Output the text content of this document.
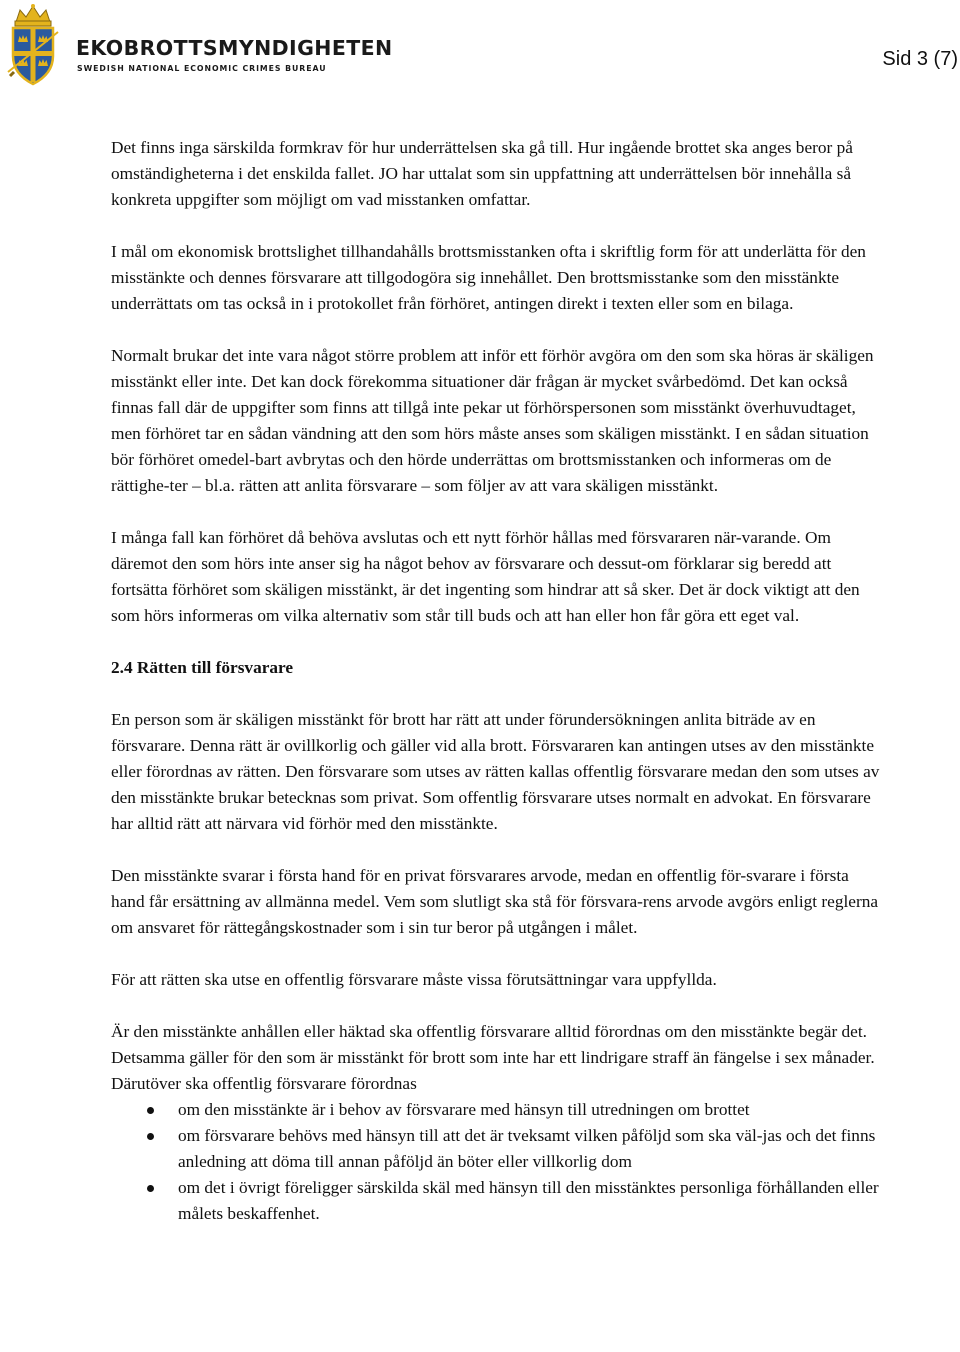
EKOBROTTSMYNDIGHETEN
SWEDISH NATIONAL ECONOMIC CRIMES BUREAU	Sid 3 (7)

Det finns inga särskilda formkrav för hur underrättelsen ska gå till. Hur ingående brottet ska anges beror på omständigheterna i det enskilda fallet. JO har uttalat som sin uppfattning att underrättelsen bör innehålla så konkreta uppgifter som möjligt om vad misstanken omfattar.

I mål om ekonomisk brottslighet tillhandahålls brottsmisstanken ofta i skriftlig form för att underlätta för den misstänkte och dennes försvarare att tillgodogöra sig innehållet. Den brottsmisstanke som den misstänkte underrättats om tas också in i protokollet från förhöret, antingen direkt i texten eller som en bilaga.

Normalt brukar det inte vara något större problem att inför ett förhör avgöra om den som ska höras är skäligen misstänkt eller inte. Det kan dock förekomma situationer där frågan är mycket svårbedömd. Det kan också finnas fall där de uppgifter som finns att tillgå inte pekar ut förhörspersonen som misstänkt överhuvudtaget, men förhöret tar en sådan vändning att den som hörs måste anses som skäligen misstänkt. I en sådan situation bör förhöret omedel-bart avbrytas och den hörde underrättas om brottsmisstanken och informeras om de rättighe-ter – bl.a. rätten att anlita försvarare – som följer av att vara skäligen misstänkt.

I många fall kan förhöret då behöva avslutas och ett nytt förhör hållas med försvararen när-varande. Om däremot den som hörs inte anser sig ha något behov av försvarare och dessut-om förklarar sig beredd att fortsätta förhöret som skäligen misstänkt, är det ingenting som hindrar att så sker. Det är dock viktigt att den som hörs informeras om vilka alternativ som står till buds och att han eller hon får göra ett eget val.

2.4 Rätten till försvarare

En person som är skäligen misstänkt för brott har rätt att under förundersökningen anlita biträde av en försvarare. Denna rätt är ovillkorlig och gäller vid alla brott. Försvararen kan antingen utses av den misstänkte eller förordnas av rätten. Den försvarare som utses av rätten kallas offentlig försvarare medan den som utses av den misstänkte brukar betecknas som privat. Som offentlig försvarare utses normalt en advokat. En försvarare har alltid rätt att närvara vid förhör med den misstänkte.

Den misstänkte svarar i första hand för en privat försvarares arvode, medan en offentlig för-svarare i första hand får ersättning av allmänna medel. Vem som slutligt ska stå för försvara-rens arvode avgörs enligt reglerna om ansvaret för rättegångskostnader som i sin tur beror på utgången i målet.

För att rätten ska utse en offentlig försvarare måste vissa förutsättningar vara uppfyllda.

Är den misstänkte anhållen eller häktad ska offentlig försvarare alltid förordnas om den misstänkte begär det. Detsamma gäller för den som är misstänkt för brott som inte har ett lindrigare straff än fängelse i sex månader. Därutöver ska offentlig försvarare förordnas

om den misstänkte är i behov av försvarare med hänsyn till utredningen om brottet
om försvarare behövs med hänsyn till att det är tveksamt vilken påföljd som ska väl-jas och det finns anledning att döma till annan påföljd än böter eller villkorlig dom
om det i övrigt föreligger särskilda skäl med hänsyn till den misstänktes personliga förhållanden eller målets beskaffenhet.
